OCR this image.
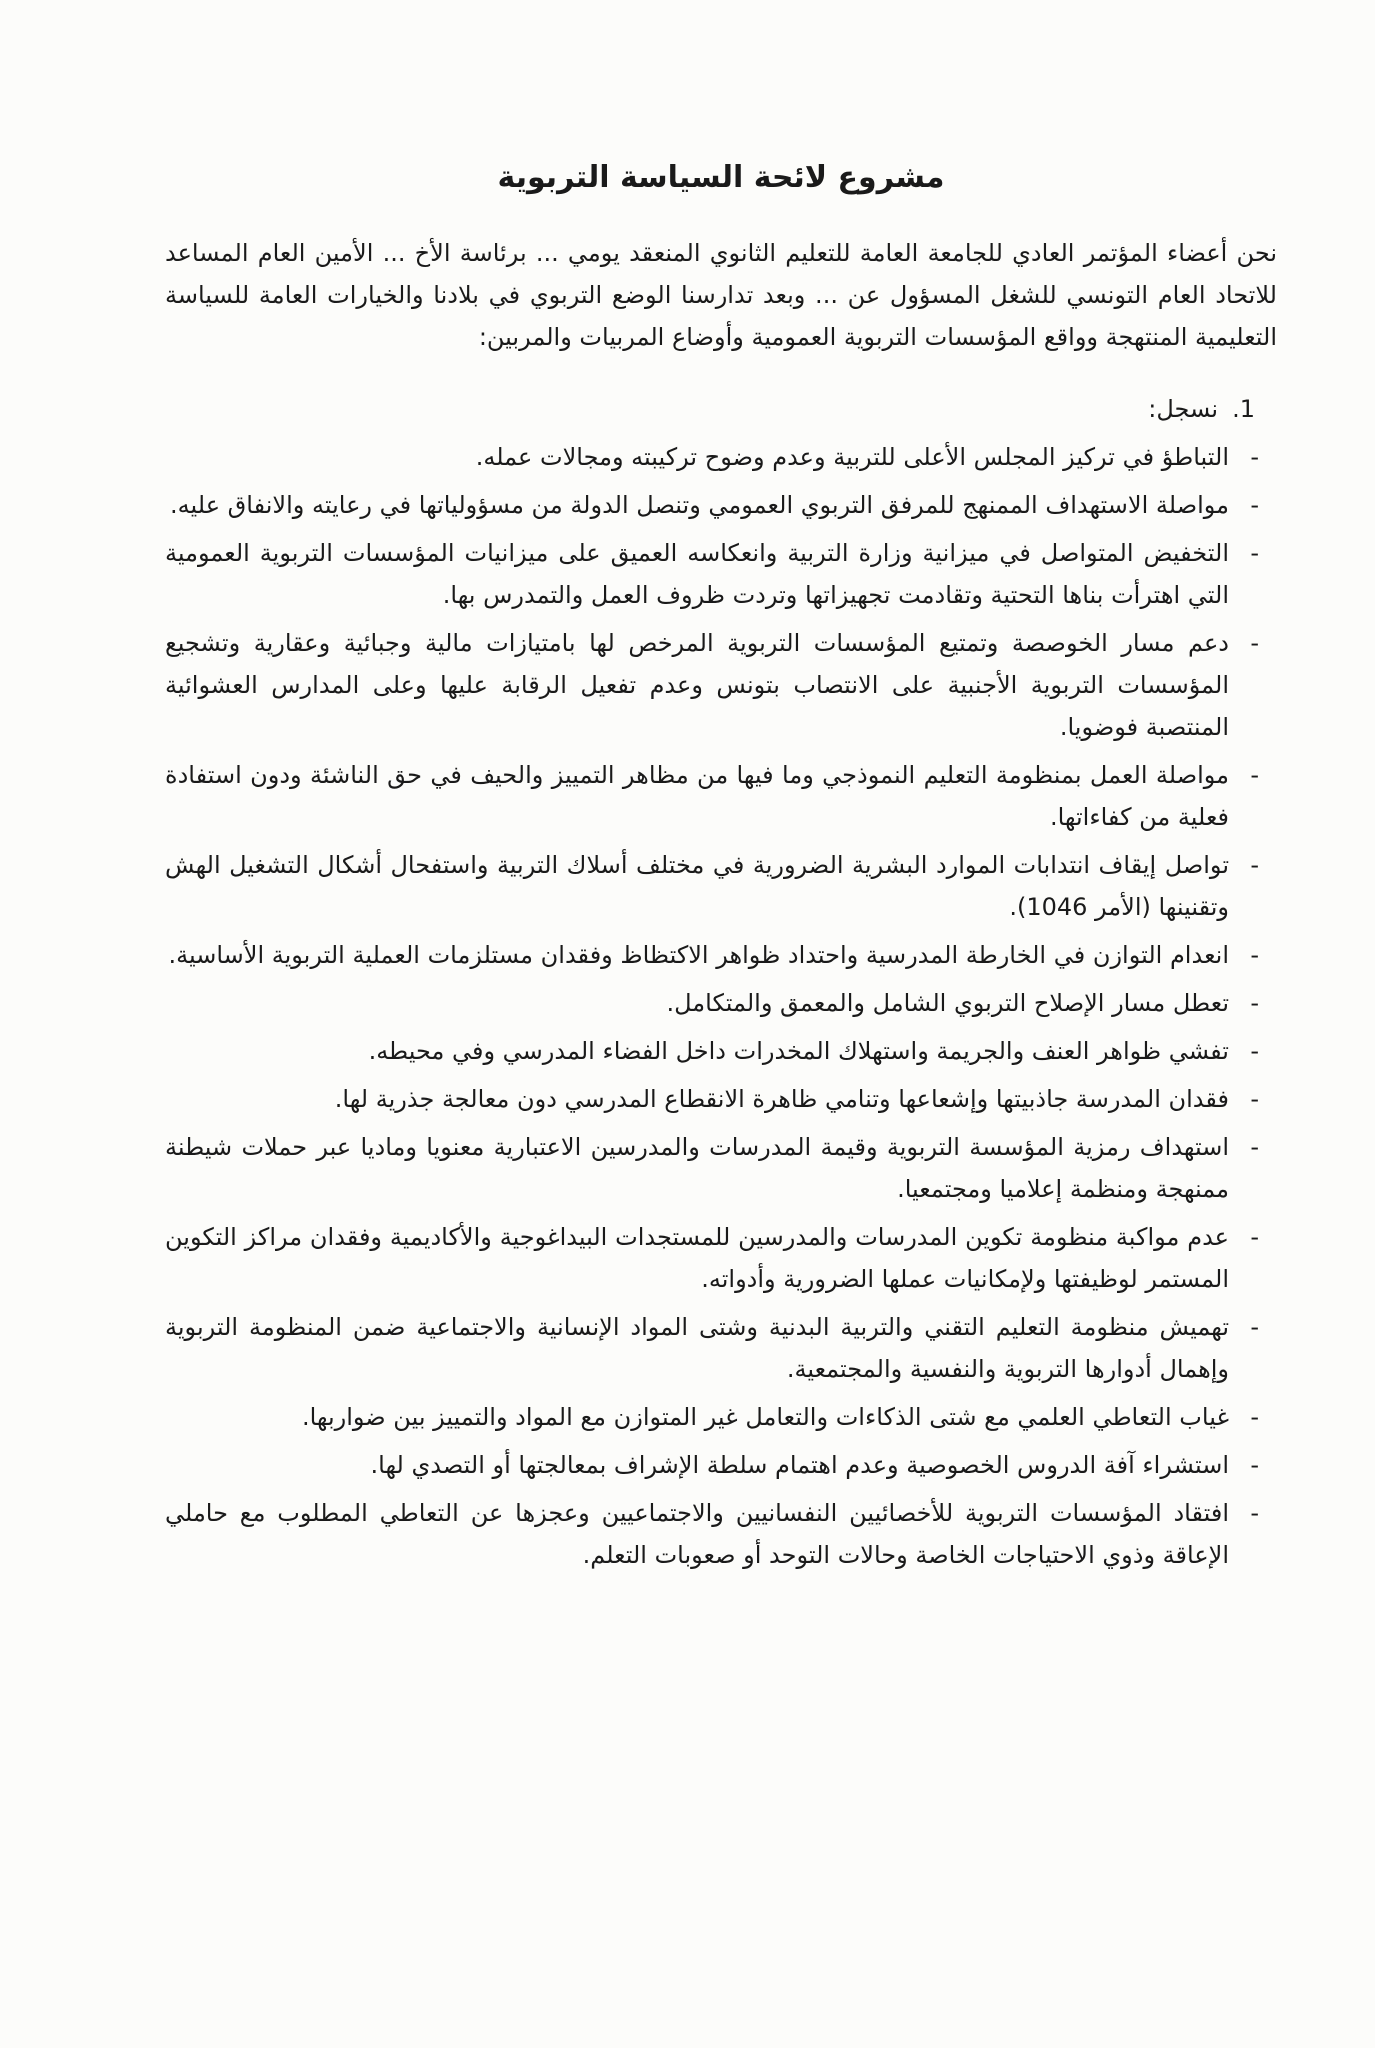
مشروع لائحة السياسة التربوية

نحن أعضاء المؤتمر العادي للجامعة العامة للتعليم الثانوي المنعقد يومي ... برئاسة الأخ ... الأمين العام المساعد للاتحاد العام التونسي للشغل المسؤول عن ... وبعد تدارسنا الوضع التربوي في بلادنا والخيارات العامة للسياسة التعليمية المنتهجة وواقع المؤسسات التربوية العمومية وأوضاع المربيات والمربين:

1.نسجل:
-
التباطؤ في تركيز المجلس الأعلى للتربية وعدم وضوح تركيبته ومجالات عمله.
-
مواصلة الاستهداف الممنهج للمرفق التربوي العمومي وتنصل الدولة من مسؤولياتها في رعايته والانفاق عليه.
-
التخفيض المتواصل في ميزانية وزارة التربية وانعكاسه العميق على ميزانيات المؤسسات التربوية العمومية التي اهترأت بناها التحتية وتقادمت تجهيزاتها وتردت ظروف العمل والتمدرس بها.
-
دعم مسار الخوصصة وتمتيع المؤسسات التربوية المرخص لها بامتيازات مالية وجبائية وعقارية وتشجيع المؤسسات التربوية الأجنبية على الانتصاب بتونس وعدم تفعيل الرقابة عليها وعلى المدارس العشوائية المنتصبة فوضويا.
-
مواصلة العمل بمنظومة التعليم النموذجي وما فيها من مظاهر التمييز والحيف في حق الناشئة ودون استفادة فعلية من كفاءاتها.
-
تواصل إيقاف انتدابات الموارد البشرية الضرورية في مختلف أسلاك التربية واستفحال أشكال التشغيل الهش وتقنينها (الأمر 1046).
-
انعدام التوازن في الخارطة المدرسية واحتداد ظواهر الاكتظاظ وفقدان مستلزمات العملية التربوية الأساسية.
-
تعطل مسار الإصلاح التربوي الشامل والمعمق والمتكامل.
-
تفشي ظواهر العنف والجريمة واستهلاك المخدرات داخل الفضاء المدرسي وفي محيطه.
-
فقدان المدرسة جاذبيتها وإشعاعها وتنامي ظاهرة الانقطاع المدرسي دون معالجة جذرية لها.
-
استهداف رمزية المؤسسة التربوية وقيمة المدرسات والمدرسين الاعتبارية معنويا وماديا عبر حملات شيطنة ممنهجة ومنظمة إعلاميا ومجتمعيا.
-
عدم مواكبة منظومة تكوين المدرسات والمدرسين للمستجدات البيداغوجية والأكاديمية وفقدان مراكز التكوين المستمر لوظيفتها ولإمكانيات عملها الضرورية وأدواته.
-
تهميش منظومة التعليم التقني والتربية البدنية وشتى المواد الإنسانية والاجتماعية ضمن المنظومة التربوية وإهمال أدوارها التربوية والنفسية والمجتمعية.
-
غياب التعاطي العلمي مع شتى الذكاءات والتعامل غير المتوازن مع المواد والتمييز بين ضواربها.
-
استشراء آفة الدروس الخصوصية وعدم اهتمام سلطة الإشراف بمعالجتها أو التصدي لها.
-
افتقاد المؤسسات التربوية للأخصائيين النفسانيين والاجتماعيين وعجزها عن التعاطي المطلوب مع حاملي الإعاقة وذوي الاحتياجات الخاصة وحالات التوحد أو صعوبات التعلم.
